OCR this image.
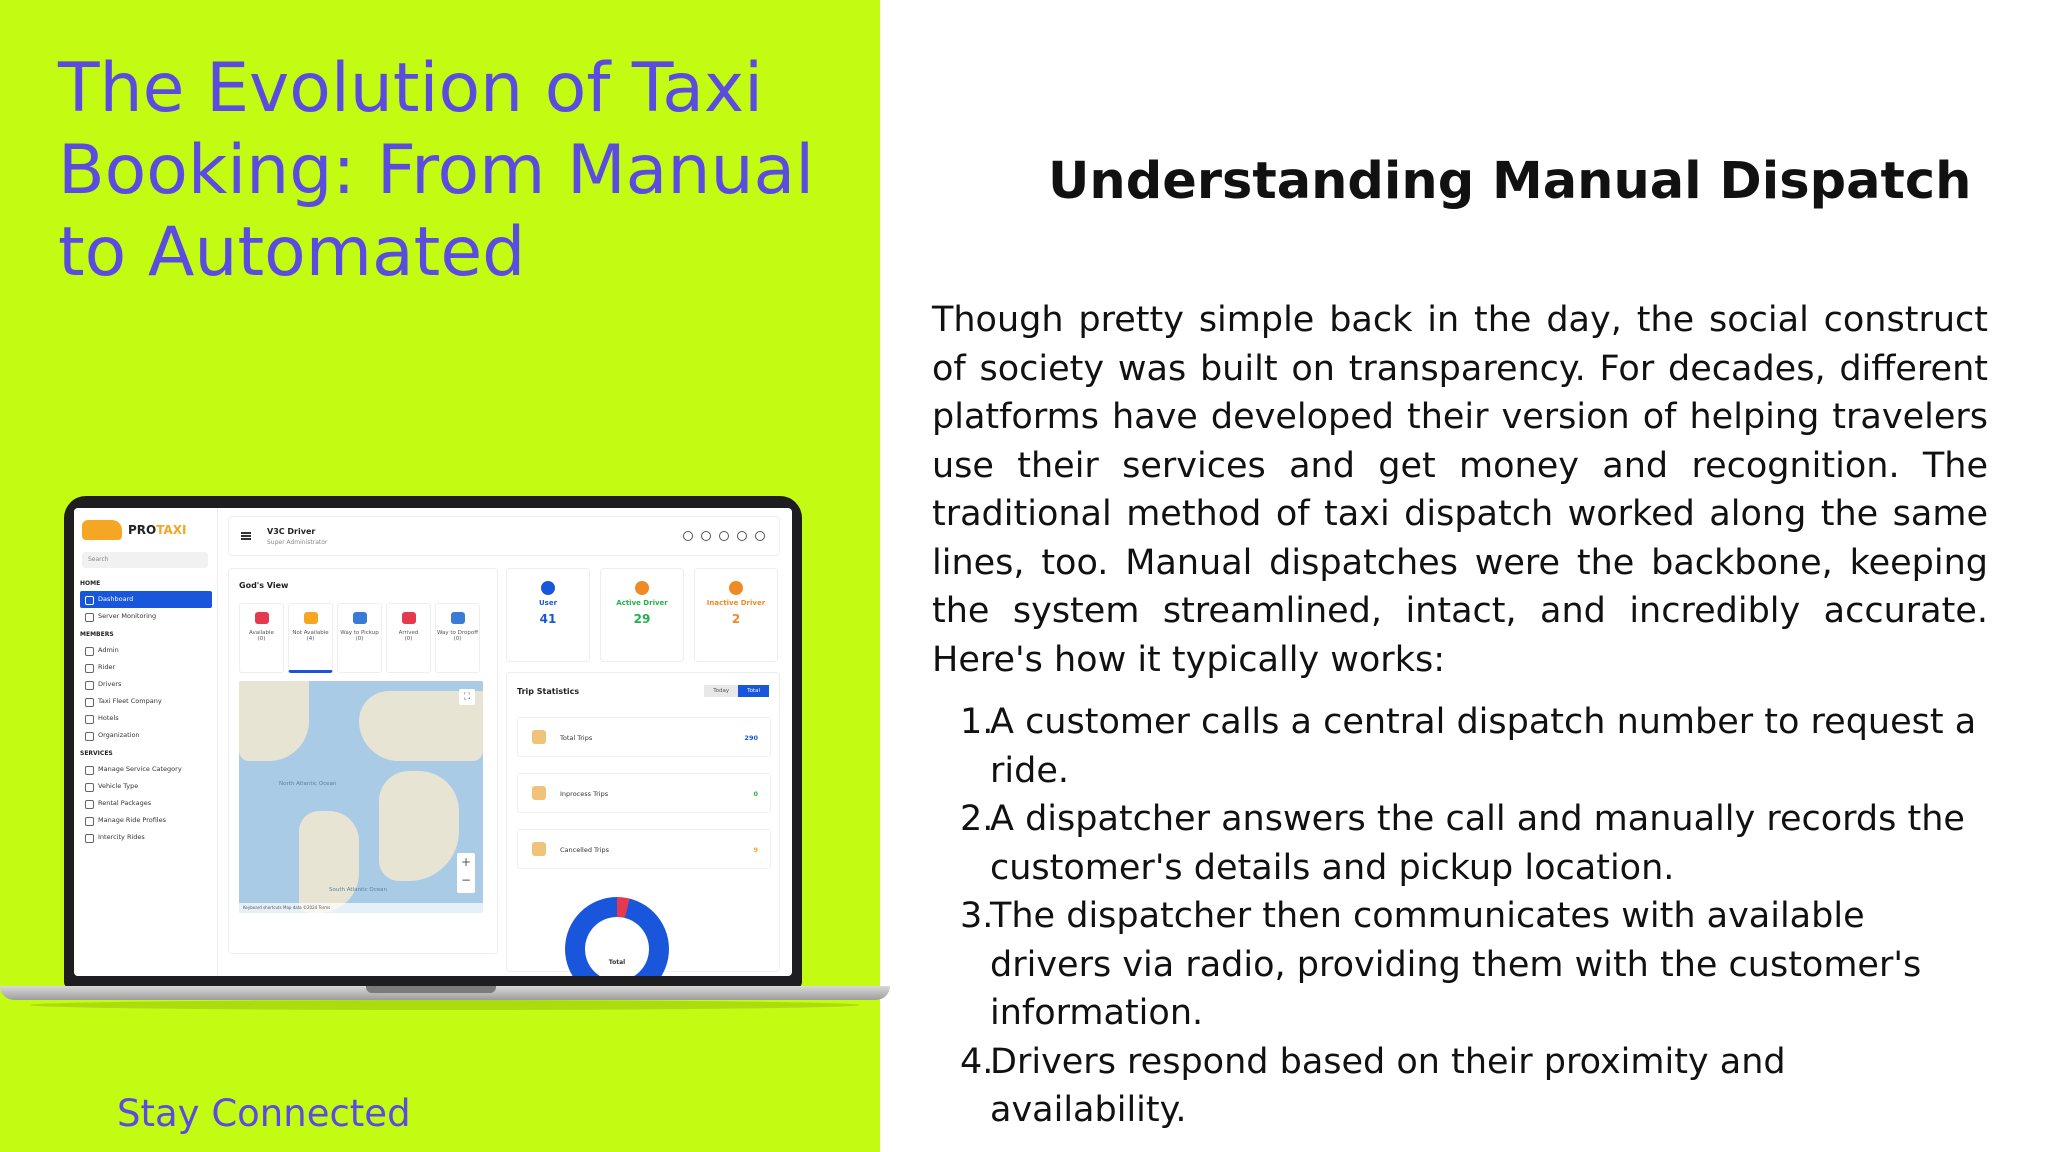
The Evolution of Taxi Booking: From Manual to Automated
PROTAXI
Search
HOME
Dashboard
Server Monitoring
MEMBERS
Admin
Rider
Drivers
Taxi Fleet Company
Hotels
Organization
SERVICES
Manage Service Category
Vehicle Type
Rental Packages
Manage Ride Profiles
Intercity Rides
V3C Driver
Super Administrator
God's View
Available
(0)
Not Available
(4)
Way to Pickup
(0)
Arrived
(0)
Way to Dropoff
(0)
North Atlantic Ocean
South Atlantic Ocean
⛶
+
−
Keyboard shortcuts Map data ©2024 Terms
User
41
Active Driver
29
Inactive Driver
2
Trip Statistics	Today	Total
Total Trips	290
Inprocess Trips	0
Cancelled Trips	9
Total
Stay Connected
Understanding Manual Dispatch

Though pretty simple back in the day, the social construct of society was built on transparency. For decades, different platforms have developed their version of helping travelers use their services and get money and recognition. The traditional method of taxi dispatch worked along the same lines, too. Manual dispatches were the backbone, keeping the system streamlined, intact, and incredibly accurate. Here's how it typically works:

1.
A customer calls a central dispatch number to request a ride.
2.
A dispatcher answers the call and manually records the customer's details and pickup location.
3.
The dispatcher then communicates with available drivers via radio, providing them with the customer's information.
4.
Drivers respond based on their proximity and availability.
